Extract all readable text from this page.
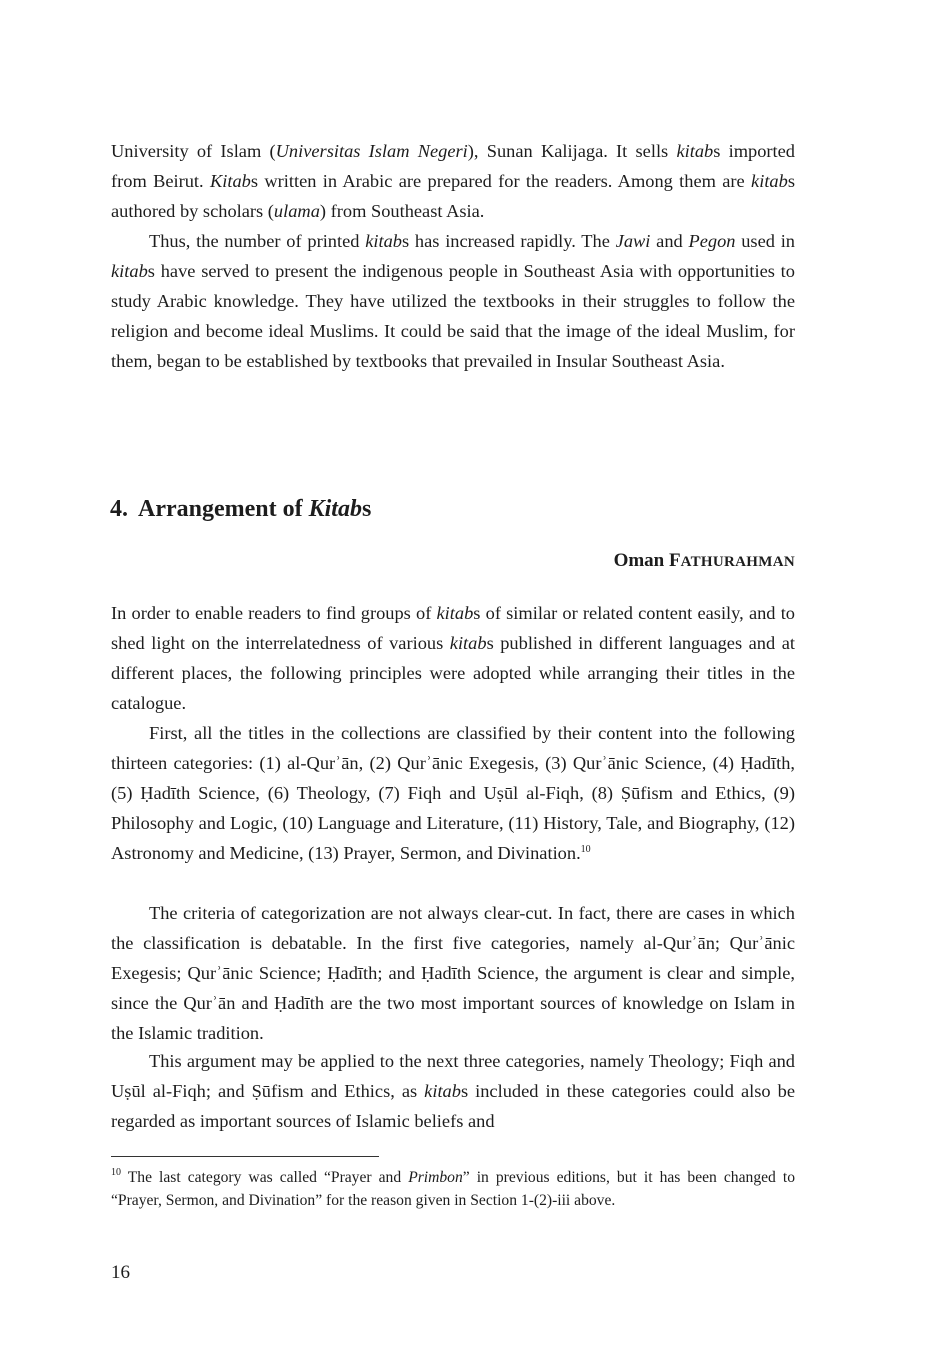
University of Islam (Universitas Islam Negeri), Sunan Kalijaga. It sells kitabs imported from Beirut. Kitabs written in Arabic are prepared for the readers. Among them are kitabs authored by scholars (ulama) from Southeast Asia.

Thus, the number of printed kitabs has increased rapidly. The Jawi and Pegon used in kitabs have served to present the indigenous people in Southeast Asia with opportunities to study Arabic knowledge. They have utilized the textbooks in their struggles to follow the religion and become ideal Muslims. It could be said that the image of the ideal Muslim, for them, began to be established by textbooks that prevailed in Insular Southeast Asia.

4. Arrangement of Kitabs

Oman FATHURAHMAN

In order to enable readers to find groups of kitabs of similar or related content easily, and to shed light on the interrelatedness of various kitabs published in different languages and at different places, the following principles were adopted while arranging their titles in the catalogue.

First, all the titles in the collections are classified by their content into the following thirteen categories: (1) al-Qurʾān, (2) Qurʾānic Exegesis, (3) Qurʾānic Science, (4) Ḥadīth, (5) Ḥadīth Science, (6) Theology, (7) Fiqh and Uṣūl al-Fiqh, (8) Ṣūfism and Ethics, (9) Philosophy and Logic, (10) Language and Literature, (11) History, Tale, and Biography, (12) Astronomy and Medicine, (13) Prayer, Sermon, and Divination.$^{10}$

The criteria of categorization are not always clear-cut. In fact, there are cases in which the classification is debatable. In the first five categories, namely al-Qurʾān; Qurʾānic Exegesis; Qurʾānic Science; Ḥadīth; and Ḥadīth Science, the argument is clear and simple, since the Qurʾān and Ḥadīth are the two most important sources of knowledge on Islam in the Islamic tradition.

This argument may be applied to the next three categories, namely Theology; Fiqh and Uṣūl al-Fiqh; and Ṣūfism and Ethics, as kitabs included in these categories could also be regarded as important sources of Islamic beliefs and

$^{10}$ The last category was called “Prayer and Primbon” in previous editions, but it has been changed to “Prayer, Sermon, and Divination” for the reason given in Section 1-(2)-iii above.

16
